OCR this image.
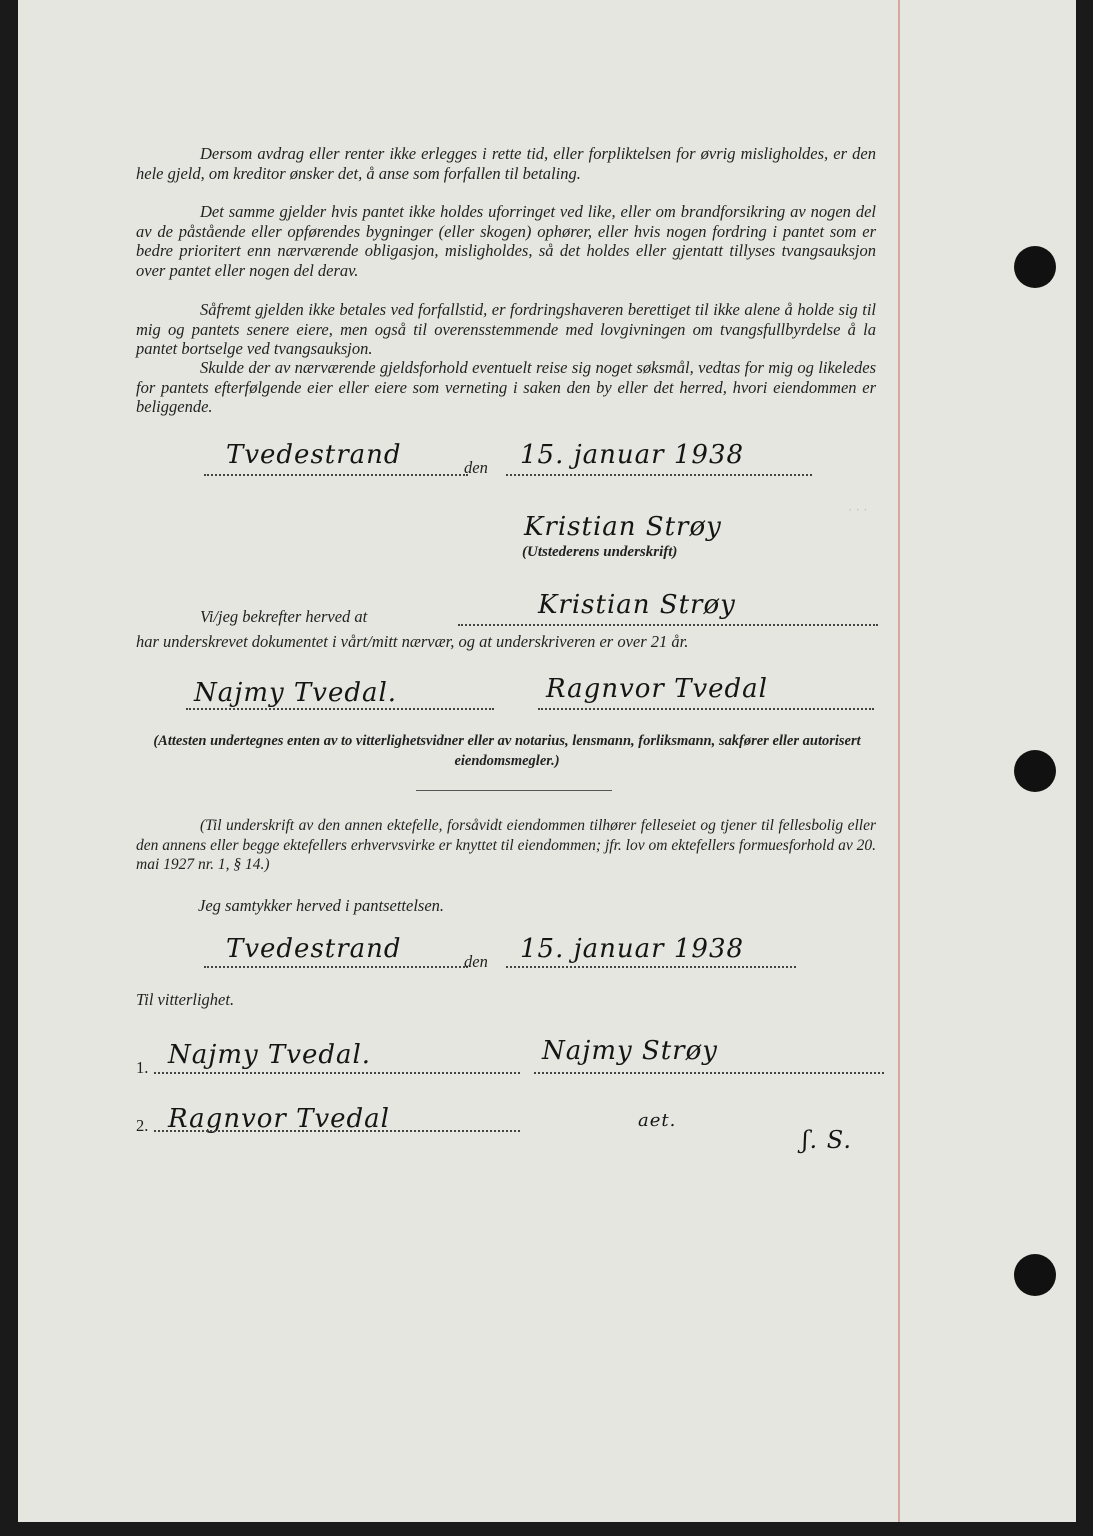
· · ·

Dersom avdrag eller renter ikke erlegges i rette tid, eller forpliktelsen for øvrig misligholdes, er den hele gjeld, om kreditor ønsker det, å anse som forfallen til betaling.

Det samme gjelder hvis pantet ikke holdes uforringet ved like, eller om brandforsikring av nogen del av de påstående eller opførendes bygninger (eller skogen) ophører, eller hvis nogen fordring i pantet som er bedre prioritert enn nærværende obligasjon, misligholdes, så det holdes eller gjentatt tillyses tvangsauksjon over pantet eller nogen del derav.

Såfremt gjelden ikke betales ved forfallstid, er fordringshaveren berettiget til ikke alene å holde sig til mig og pantets senere eiere, men også til overensstemmende med lovgivningen om tvangsfullbyrdelse å la pantet bortselge ved tvangsauksjon.

Skulde der av nærværende gjeldsforhold eventuelt reise sig noget søksmål, vedtas for mig og likeledes for pantets efterfølgende eier eller eiere som verneting i saken den by eller det herred, hvori eiendommen er beliggende.

Tvedestrand	den 15. januar 1938
Kristian Strøy
(Utstederens underskrift)
Vi/jeg bekrefter herved at	Kristian Strøy
har underskrevet dokumentet i vårt/mitt nærvær, og at underskriveren er over 21 år.
Najmy Tvedal.	Ragnvor Tvedal

(Attesten undertegnes enten av to vitterlighetsvidner eller av notarius, lensmann, forliksmann, sakfører eller autorisert eiendomsmegler.)

(Til underskrift av den annen ektefelle, forsåvidt eiendommen tilhører felleseiet og tjener til fellesbolig eller den annens eller begge ektefellers erhvervsvirke er knyttet til eiendommen; jfr. lov om ektefellers formuesforhold av 20. mai 1927 nr. 1, § 14.)

Jeg samtykker herved i pantsettelsen.
Tvedestrand	den 15. januar 1938
Til vitterlighet.
1. Najmy Tvedal.	Najmy Strøy
2. Ragnvor Tvedal	aet.
ʃ. S.
